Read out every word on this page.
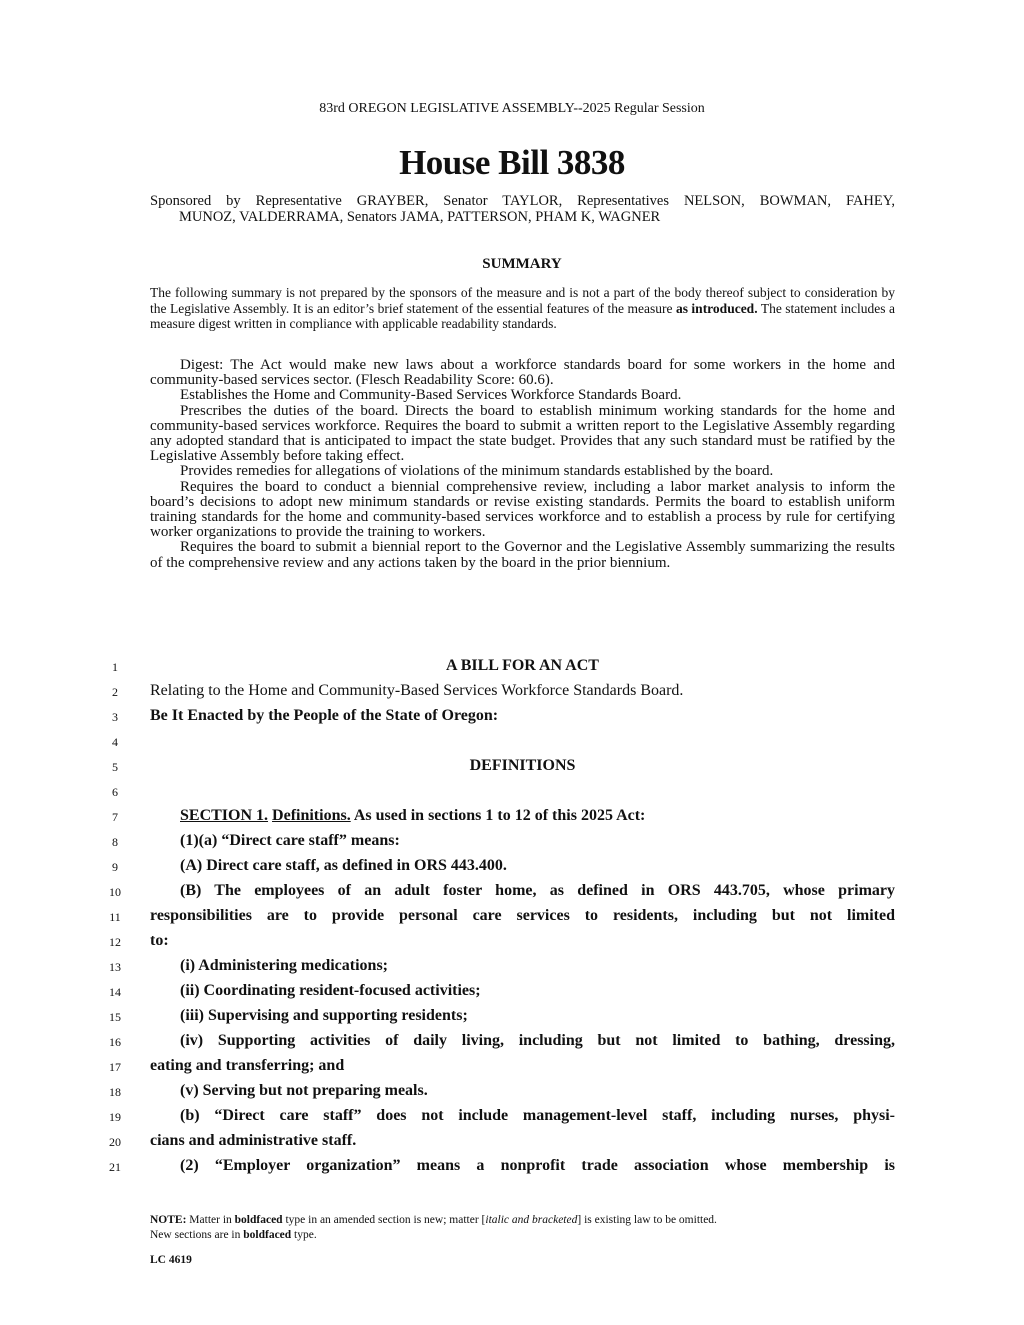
83rd OREGON LEGISLATIVE ASSEMBLY--2025 Regular Session
House Bill 3838
Sponsored by Representative GRAYBER, Senator TAYLOR, Representatives NELSON, BOWMAN, FAHEY,
MUNOZ, VALDERRAMA, Senators JAMA, PATTERSON, PHAM K, WAGNER
SUMMARY
The following summary is not prepared by the sponsors of the measure and is not a part of the body thereof subject to consideration by the Legislative Assembly. It is an editor’s brief statement of the essential features of the measure as introduced. The statement includes a measure digest written in compliance with applicable readability standards.

Digest: The Act would make new laws about a workforce standards board for some workers in the home and community-based services sector. (Flesch Readability Score: 60.6).

Establishes the Home and Community-Based Services Workforce Standards Board.

Prescribes the duties of the board. Directs the board to establish minimum working standards for the home and community-based services workforce. Requires the board to submit a written report to the Legislative Assembly regarding any adopted standard that is anticipated to impact the state budget. Provides that any such standard must be ratified by the Legislative Assembly before taking effect.

Provides remedies for allegations of violations of the minimum standards established by the board.

Requires the board to conduct a biennial comprehensive review, including a labor market analysis to inform the board’s decisions to adopt new minimum standards or revise existing standards. Permits the board to establish uniform training standards for the home and community-based services workforce and to establish a process by rule for certifying worker organizations to provide the training to workers.

Requires the board to submit a biennial report to the Governor and the Legislative Assembly summarizing the results of the comprehensive review and any actions taken by the board in the prior biennium.

1
2
3
4
5
6
7
8
9
10
11
12
13
14
15
16
17
18
19
20
21
A BILL FOR AN ACT
Relating to the Home and Community-Based Services Workforce Standards Board.
Be It Enacted by the People of the State of Oregon:
DEFINITIONS
SECTION 1. Definitions. As used in sections 1 to 12 of this 2025 Act:
(1)(a) “Direct care staff” means:
(A) Direct care staff, as defined in ORS 443.400.
(B) The employees of an adult foster home, as defined in ORS 443.705, whose primary
responsibilities are to provide personal care services to residents, including but not limited
to:
(i) Administering medications;
(ii) Coordinating resident-focused activities;
(iii) Supervising and supporting residents;
(iv) Supporting activities of daily living, including but not limited to bathing, dressing,
eating and transferring; and
(v) Serving but not preparing meals.
(b) “Direct care staff” does not include management-level staff, including nurses, physi-
cians and administrative staff.
(2) “Employer organization” means a nonprofit trade association whose membership is
NOTE: Matter in boldfaced type in an amended section is new; matter [italic and bracketed] is existing law to be omitted.
New sections are in boldfaced type.
LC 4619
